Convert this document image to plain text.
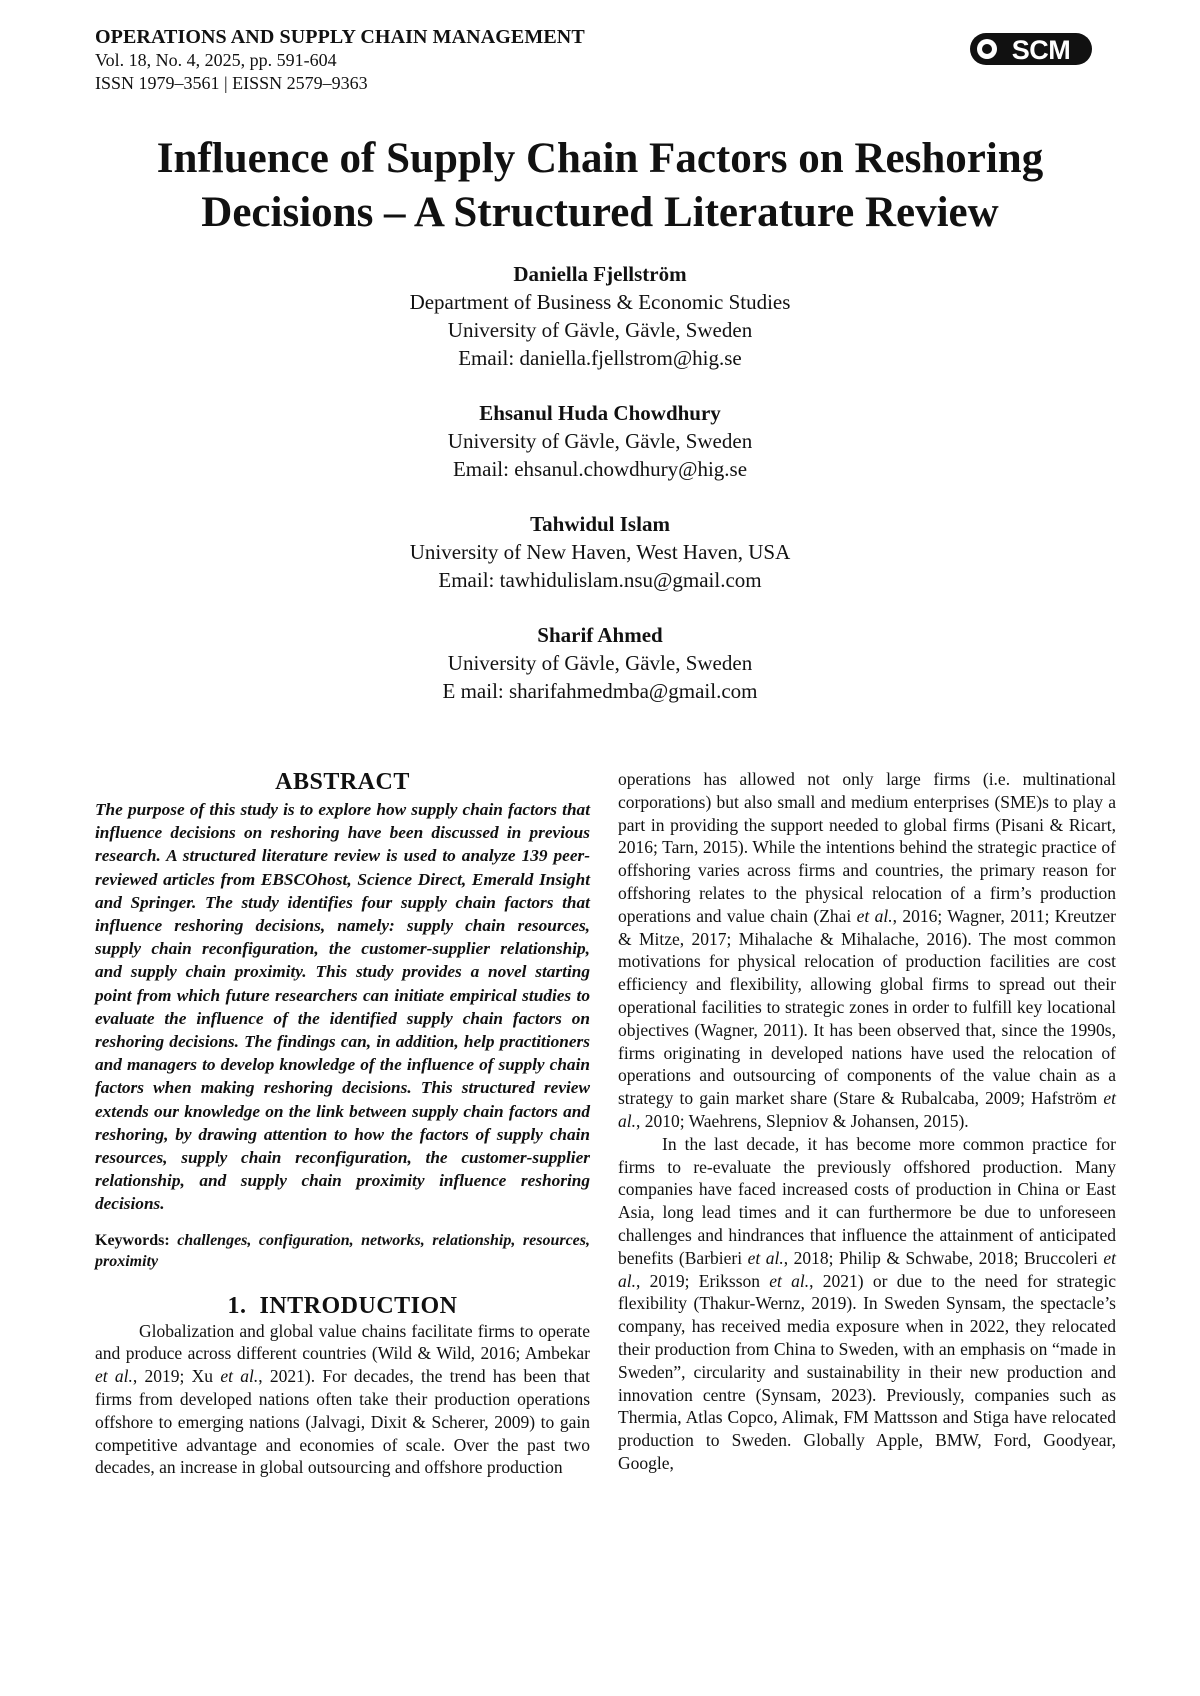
OPERATIONS AND SUPPLY CHAIN MANAGEMENT
Vol. 18, No. 4, 2025, pp. 591-604
ISSN 1979–3561 | EISSN 2579–9363
SCM
Influence of Supply Chain Factors on Reshoring
Decisions – A Structured Literature Review
Daniella Fjellström
Department of Business & Economic Studies
University of Gävle, Gävle, Sweden
Email: daniella.fjellstrom@hig.se
Ehsanul Huda Chowdhury
University of Gävle, Gävle, Sweden
Email: ehsanul.chowdhury@hig.se
Tahwidul Islam
University of New Haven, West Haven, USA
Email: tawhidulislam.nsu@gmail.com
Sharif Ahmed
University of Gävle, Gävle, Sweden
E mail: sharifahmedmba@gmail.com
ABSTRACT
The purpose of this study is to explore how supply chain factors that influence decisions on reshoring have been discussed in previous research. A structured literature review is used to analyze 139 peer-reviewed articles from EBSCOhost, Science Direct, Emerald Insight and Springer. The study identifies four supply chain factors that influence reshoring decisions, namely: supply chain resources, supply chain reconfiguration, the customer-supplier relationship, and supply chain proximity. This study provides a novel starting point from which future researchers can initiate empirical studies to evaluate the influence of the identified supply chain factors on reshoring decisions. The findings can, in addition, help practitioners and managers to develop knowledge of the influence of supply chain factors when making reshoring decisions. This structured review extends our knowledge on the link between supply chain factors and reshoring, by drawing attention to how the factors of supply chain resources, supply chain reconfiguration, the customer-supplier relationship, and supply chain proximity influence reshoring decisions.
Keywords: challenges, configuration, networks, relationship, resources, proximity
1.  INTRODUCTION
Globalization and global value chains facilitate firms to operate and produce across different countries (Wild & Wild, 2016; Ambekar et al., 2019; Xu et al., 2021). For decades, the trend has been that firms from developed nations often take their production operations offshore to emerging nations (Jalvagi, Dixit & Scherer, 2009) to gain competitive advantage and economies of scale. Over the past two decades, an increase in global outsourcing and offshore production
operations has allowed not only large firms (i.e. multinational corporations) but also small and medium enterprises (SME)s to play a part in providing the support needed to global firms (Pisani & Ricart, 2016; Tarn, 2015). While the intentions behind the strategic practice of offshoring varies across firms and countries, the primary reason for offshoring relates to the physical relocation of a firm’s production operations and value chain (Zhai et al., 2016; Wagner, 2011; Kreutzer & Mitze, 2017; Mihalache & Mihalache, 2016). The most common motivations for physical relocation of production facilities are cost efficiency and flexibility, allowing global firms to spread out their operational facilities to strategic zones in order to fulfill key locational objectives (Wagner, 2011). It has been observed that, since the 1990s, firms originating in developed nations have used the relocation of operations and outsourcing of components of the value chain as a strategy to gain market share (Stare & Rubalcaba, 2009; Hafström et al., 2010; Waehrens, Slepniov & Johansen, 2015).
In the last decade, it has become more common practice for firms to re-evaluate the previously offshored production. Many companies have faced increased costs of production in China or East Asia, long lead times and it can furthermore be due to unforeseen challenges and hindrances that influence the attainment of anticipated benefits (Barbieri et al., 2018; Philip & Schwabe, 2018; Bruccoleri et al., 2019; Eriksson et al., 2021) or due to the need for strategic flexibility (Thakur-Wernz, 2019). In Sweden Synsam, the spectacle’s company, has received media exposure when in 2022, they relocated their production from China to Sweden, with an emphasis on “made in Sweden”, circularity and sustainability in their new production and innovation centre (Synsam, 2023). Previously, companies such as Thermia, Atlas Copco, Alimak, FM Mattsson and Stiga have relocated production to Sweden. Globally Apple, BMW, Ford, Goodyear, Google,
